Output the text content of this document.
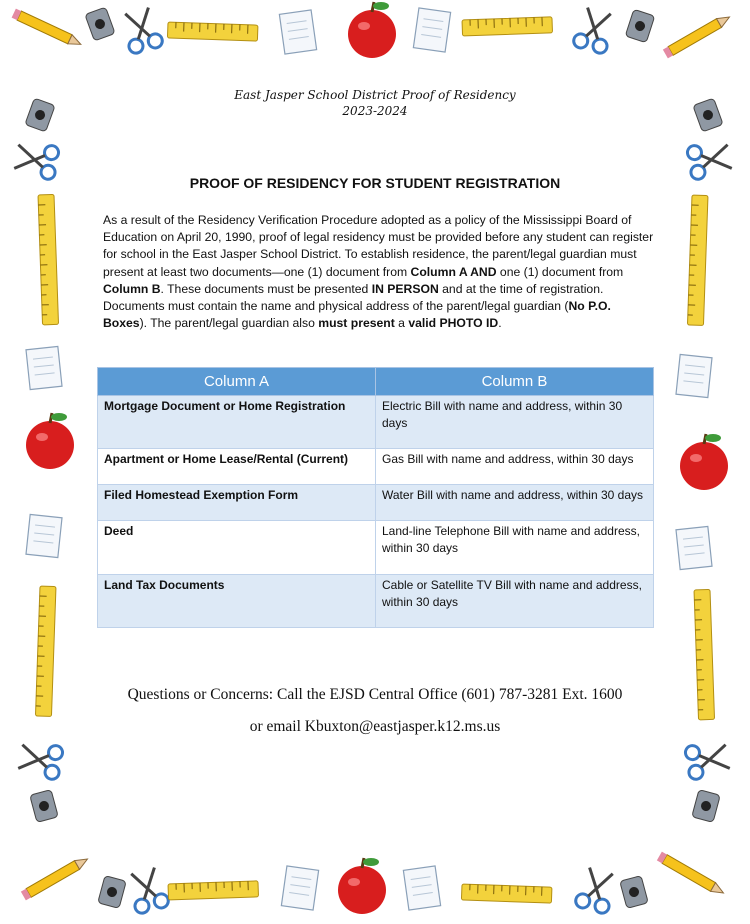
East Jasper School District Proof of Residency
2023-2024
PROOF OF RESIDENCY FOR STUDENT REGISTRATION
As a result of the Residency Verification Procedure adopted as a policy of the Mississippi Board of Education on April 20, 1990, proof of legal residency must be provided before any student can register for school in the East Jasper School District. To establish residence, the parent/legal guardian must present at least two documents—one (1) document from Column A AND one (1) document from Column B. These documents must be presented IN PERSON and at the time of registration. Documents must contain the name and physical address of the parent/legal guardian (No P.O. Boxes). The parent/legal guardian also must present a valid PHOTO ID.
Column A	Column B
Mortgage Document or Home Registration	Electric Bill with name and address, within 30 days
Apartment or Home Lease/Rental (Current)	Gas Bill with name and address, within 30 days
Filed Homestead Exemption Form	Water Bill with name and address, within 30 days
Deed	Land-line Telephone Bill with name and address, within 30 days
Land Tax Documents	Cable or Satellite TV Bill with name and address, within 30 days
Questions or Concerns: Call the EJSD Central Office (601) 787-3281 Ext. 1600
or email Kbuxton@eastjasper.k12.ms.us
